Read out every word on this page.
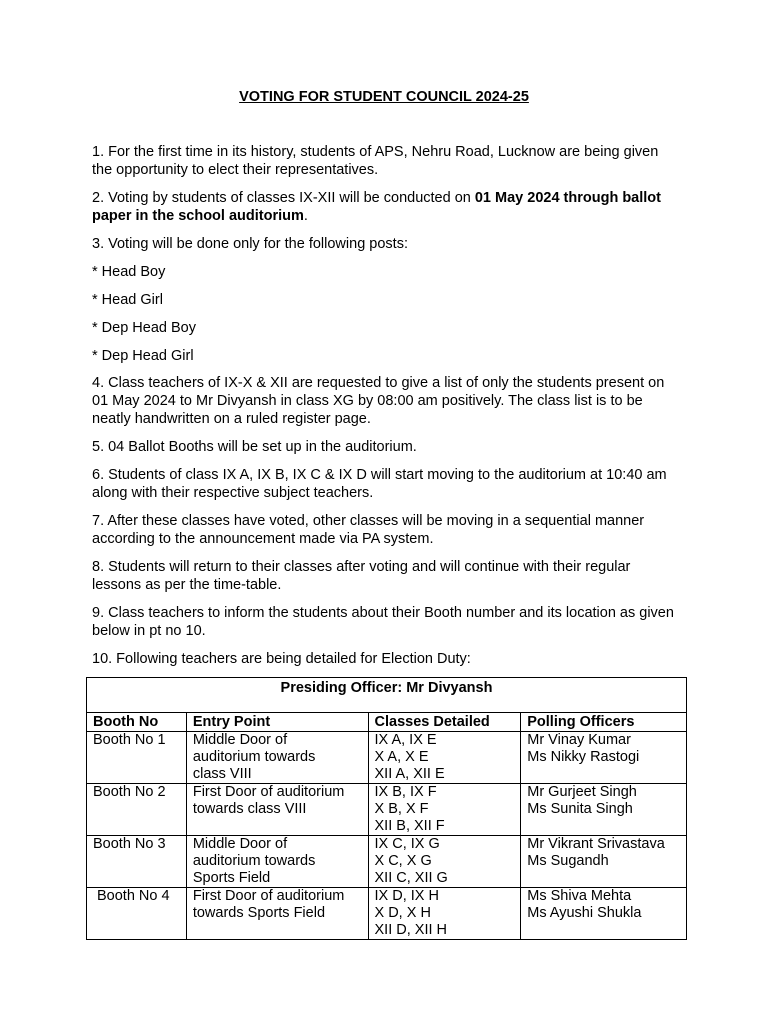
VOTING FOR STUDENT COUNCIL 2024-25

1. For the first time in its history, students of APS, Nehru Road, Lucknow are being given the opportunity to elect their representatives.

2. Voting by students of classes IX-XII will be conducted on 01 May 2024 through ballot paper in the school auditorium.

3. Voting will be done only for the following posts:

* Head Boy

* Head Girl

* Dep Head Boy

* Dep Head Girl

4. Class teachers of IX-X & XII are requested to give a list of only the students present on 01 May 2024 to Mr Divyansh in class XG by 08:00 am positively. The class list is to be neatly handwritten on a ruled register page.

5. 04 Ballot Booths will be set up in the auditorium.

6. Students of class IX A, IX B, IX C & IX D will start moving to the auditorium at 10:40 am along with their respective subject teachers.

7. After these classes have voted, other classes will be moving in a sequential manner according to the announcement made via PA system.

8. Students will return to their classes after voting and will continue with their regular lessons as per the time-table.

9. Class teachers to inform the students about their Booth number and its location as given below in pt no 10.

10. Following teachers are being detailed for Election Duty:

Presiding Officer: Mr Divyansh			
Booth No	Entry Point	Classes Detailed	Polling Officers
Booth No 1	Middle Door of
auditorium towards
class VIII	IX A, IX E
X A, X E
XII A, XII E	Mr Vinay Kumar
Ms Nikky Rastogi

Booth No 2	First Door of auditorium
towards class VIII	IX B, IX F
X B, X F
XII B, XII F	Mr Gurjeet Singh
Ms Sunita Singh

Booth No 3	Middle Door of
auditorium towards
Sports Field	IX C, IX G
X C, X G
XII C, XII G	Mr Vikrant Srivastava
Ms Sugandh

Booth No 4	First Door of auditorium
towards Sports Field	IX D, IX H
X D, X H
XII D, XII H	Ms Shiva Mehta
Ms Ayushi Shukla
